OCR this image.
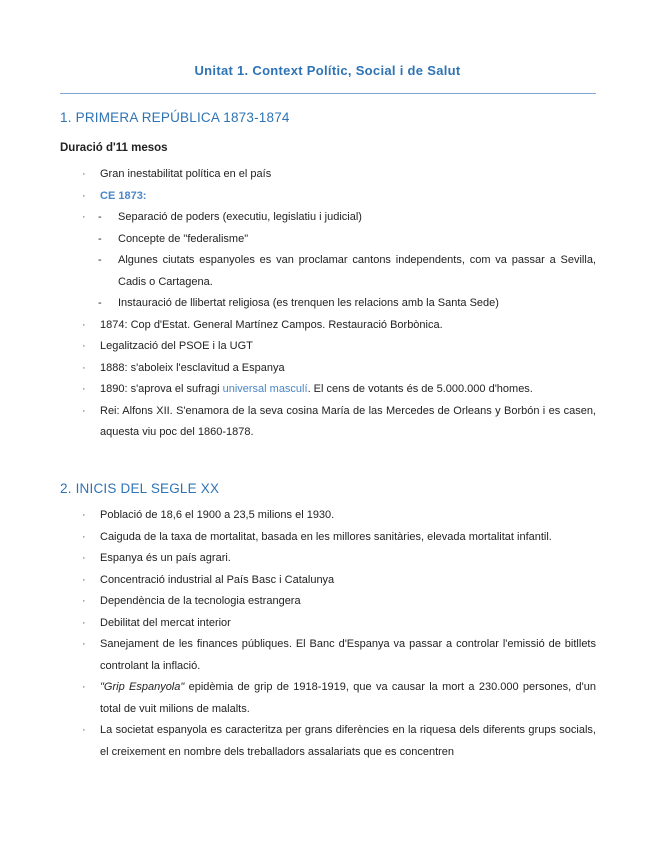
Unitat 1. Context Polític, Social i de Salut
1. PRIMERA REPÚBLICA 1873-1874
Duració d'11 mesos
· Gran inestabilitat política en el país
· CE 1873:
- · Separació de poders (executiu, legislatiu i judicial)
- Concepte de "federalisme"
- Algunes ciutats espanyoles es van proclamar cantons independents, com va passar a Sevilla, Cadis o Cartagena.
- Instauració de llibertat religiosa (es trenquen les relacions amb la Santa Sede)
· 1874: Cop d'Estat. General Martínez Campos. Restauració Borbònica.
· Legalització del PSOE i la UGT
· 1888: s'aboleix l'esclavitud a Espanya
· 1890: s'aprova el sufragi universal masculí. El cens de votants és de 5.000.000 d'homes.
· Rei: Alfons XII. S'enamora de la seva cosina María de las Mercedes de Orleans y Borbón i es casen, aquesta viu poc del 1860-1878.
2. INICIS DEL SEGLE XX
· Població de 18,6 el 1900 a 23,5 milions el 1930.
· Caiguda de la taxa de mortalitat, basada en les millores sanitàries, elevada mortalitat infantil.
· Espanya és un país agrari.
· Concentració industrial al País Basc i Catalunya
· Dependència de la tecnologia estrangera
· Debilitat del mercat interior
· Sanejament de les finances públiques. El Banc d'Espanya va passar a controlar l'emissió de bitllets controlant la inflació.
· "Grip Espanyola" epidèmia de grip de 1918-1919, que va causar la mort a 230.000 persones, d'un total de vuit milions de malalts.
· La societat espanyola es caracteritza per grans diferències en la riquesa dels diferents grups socials, el creixement en nombre dels treballadors assalariats que es concentren
